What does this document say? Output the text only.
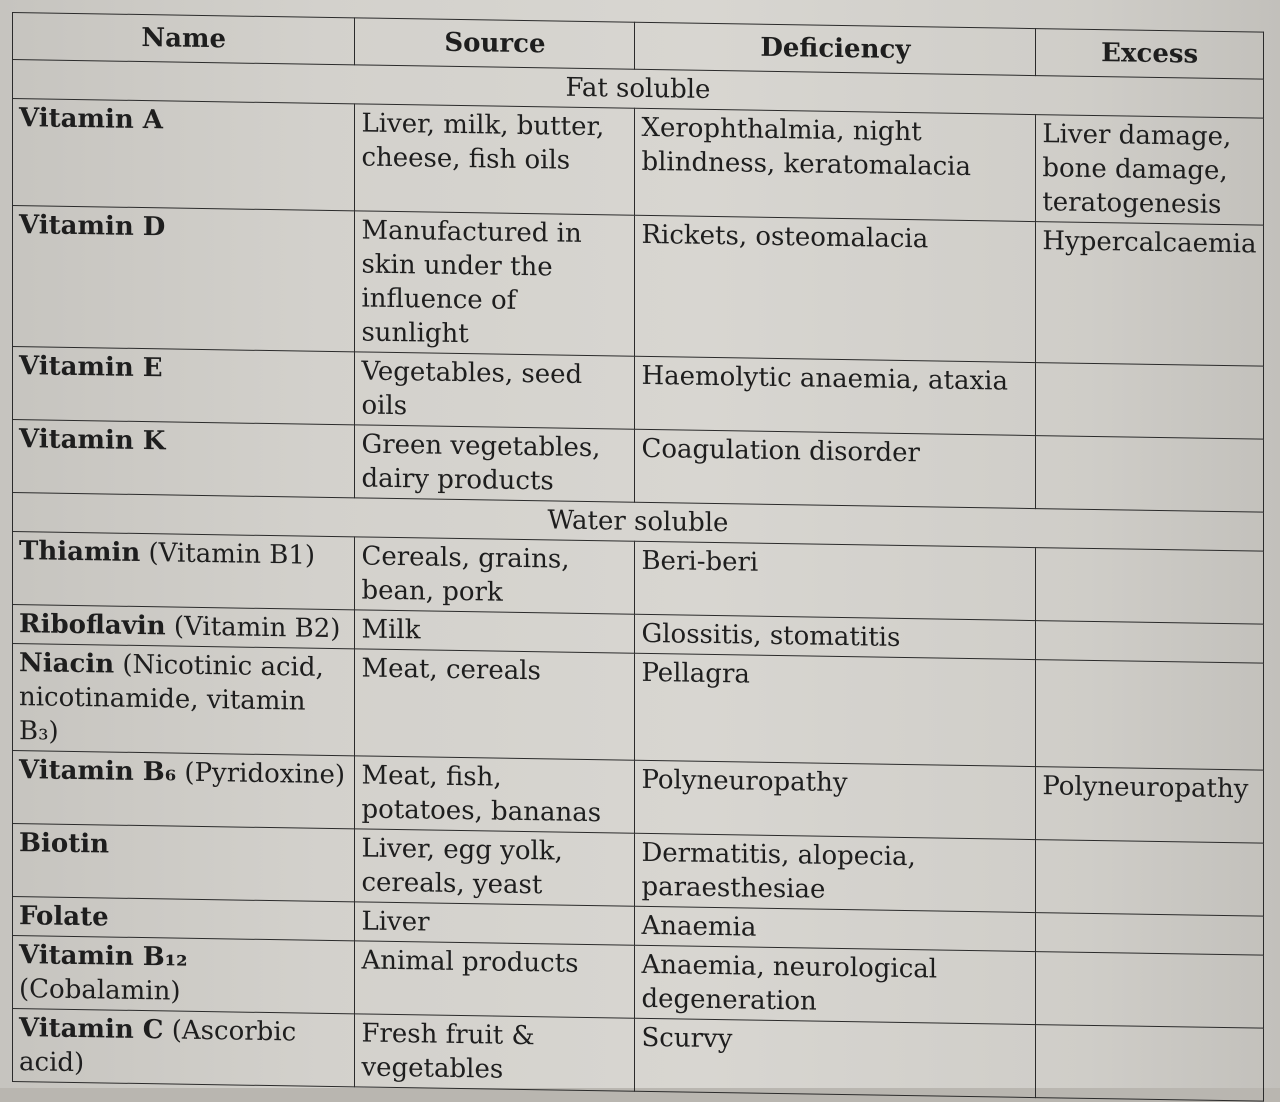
Name	Source	Deficiency	Excess
Fat soluble			
Vitamin A	Liver, milk, butter, cheese, fish oils	Xerophthalmia, night blindness, keratomalacia	Liver damage, bone damage, teratogenesis
Vitamin D	Manufactured in skin under the influence of sunlight	Rickets, osteomalacia	Hypercalcaemia
Vitamin E	Vegetables, seed oils	Haemolytic anaemia, ataxia	
Vitamin K	Green vegetables, dairy products	Coagulation disorder	
Water soluble			
Thiamin (Vitamin B1)	Cereals, grains, bean, pork	Beri-beri	
Riboflavin (Vitamin B2)	Milk	Glossitis, stomatitis	
Niacin (Nicotinic acid, nicotinamide, vitamin B₃)	Meat, cereals	Pellagra	
Vitamin B₆ (Pyridoxine)	Meat, fish, potatoes, bananas	Polyneuropathy	Polyneuropathy
Biotin	Liver, egg yolk, cereals, yeast	Dermatitis, alopecia, paraesthesiae	
Folate	Liver	Anaemia	
Vitamin B₁₂ (Cobalamin)	Animal products	Anaemia, neurological degeneration	
Vitamin C (Ascorbic acid)	Fresh fruit & vegetables	Scurvy	
